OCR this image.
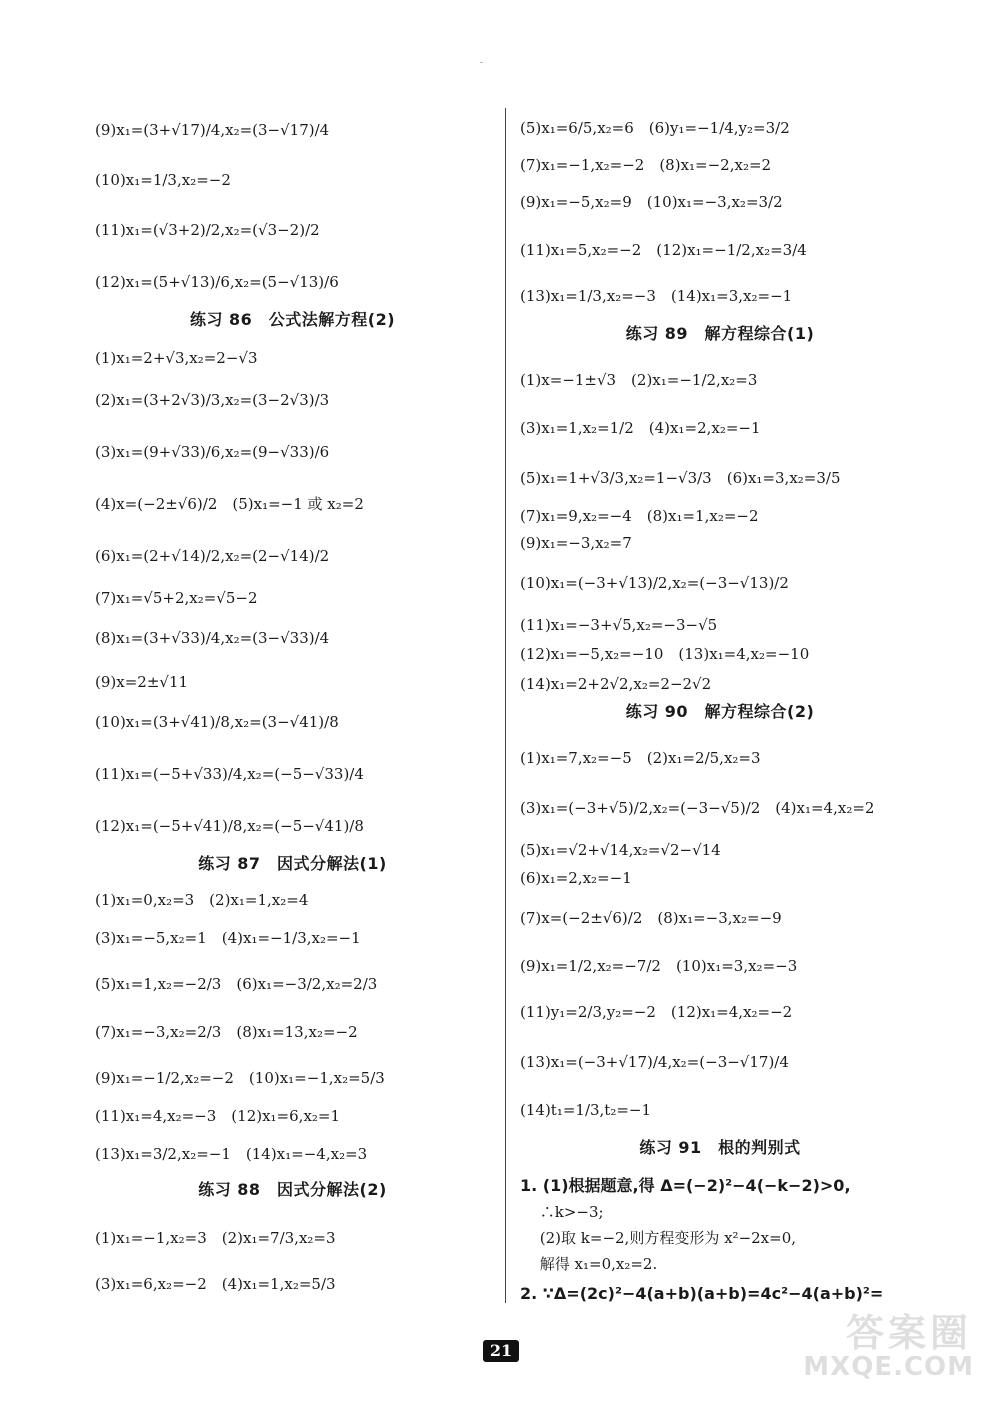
(9)x₁=(3+√17)/4,x₂=(3−√17)/4
(10)x₁=1/3,x₂=−2
(11)x₁=(√3+2)/2,x₂=(√3−2)/2
(12)x₁=(5+√13)/6,x₂=(5−√13)/6
练习 86　公式法解方程(2)
(1)x₁=2+√3,x₂=2−√3
(2)x₁=(3+2√3)/3,x₂=(3−2√3)/3
(3)x₁=(9+√33)/6,x₂=(9−√33)/6
(4)x=(−2±√6)/2　(5)x₁=−1 或 x₂=2
(6)x₁=(2+√14)/2,x₂=(2−√14)/2
(7)x₁=√5+2,x₂=√5−2
(8)x₁=(3+√33)/4,x₂=(3−√33)/4
(9)x=2±√11
(10)x₁=(3+√41)/8,x₂=(3−√41)/8
(11)x₁=(−5+√33)/4,x₂=(−5−√33)/4
(12)x₁=(−5+√41)/8,x₂=(−5−√41)/8
练习 87　因式分解法(1)
(1)x₁=0,x₂=3　(2)x₁=1,x₂=4
(3)x₁=−5,x₂=1　(4)x₁=−1/3,x₂=−1
(5)x₁=1,x₂=−2/3　(6)x₁=−3/2,x₂=2/3
(7)x₁=−3,x₂=2/3　(8)x₁=13,x₂=−2
(9)x₁=−1/2,x₂=−2　(10)x₁=−1,x₂=5/3
(11)x₁=4,x₂=−3　(12)x₁=6,x₂=1
(13)x₁=3/2,x₂=−1　(14)x₁=−4,x₂=3
练习 88　因式分解法(2)
(1)x₁=−1,x₂=3　(2)x₁=7/3,x₂=3
(3)x₁=6,x₂=−2　(4)x₁=1,x₂=5/3
(5)x₁=6/5,x₂=6　(6)y₁=−1/4,y₂=3/2
(7)x₁=−1,x₂=−2　(8)x₁=−2,x₂=2
(9)x₁=−5,x₂=9　(10)x₁=−3,x₂=3/2
(11)x₁=5,x₂=−2　(12)x₁=−1/2,x₂=3/4
(13)x₁=1/3,x₂=−3　(14)x₁=3,x₂=−1
练习 89　解方程综合(1)
(1)x=−1±√3　(2)x₁=−1/2,x₂=3
(3)x₁=1,x₂=1/2　(4)x₁=2,x₂=−1
(5)x₁=1+√3/3,x₂=1−√3/3　(6)x₁=3,x₂=3/5
(7)x₁=9,x₂=−4　(8)x₁=1,x₂=−2
(9)x₁=−3,x₂=7
(10)x₁=(−3+√13)/2,x₂=(−3−√13)/2
(11)x₁=−3+√5,x₂=−3−√5
(12)x₁=−5,x₂=−10　(13)x₁=4,x₂=−10
(14)x₁=2+2√2,x₂=2−2√2
练习 90　解方程综合(2)
(1)x₁=7,x₂=−5　(2)x₁=2/5,x₂=3
(3)x₁=(−3+√5)/2,x₂=(−3−√5)/2　(4)x₁=4,x₂=2
(5)x₁=√2+√14,x₂=√2−√14
(6)x₁=2,x₂=−1
(7)x=(−2±√6)/2　(8)x₁=−3,x₂=−9
(9)x₁=1/2,x₂=−7/2　(10)x₁=3,x₂=−3
(11)y₁=2/3,y₂=−2　(12)x₁=4,x₂=−2
(13)x₁=(−3+√17)/4,x₂=(−3−√17)/4
(14)t₁=1/3,t₂=−1
练习 91　根的判别式
1. (1)根据题意,得 Δ=(−2)²−4(−k−2)>0,
　 ∴k>−3;
　 (2)取 k=−2,则方程变形为 x²−2x=0,
　 解得 x₁=0,x₂=2.
2. ∵Δ=(2c)²−4(a+b)(a+b)=4c²−4(a+b)²=
21	答案圈
MXQE.COM
